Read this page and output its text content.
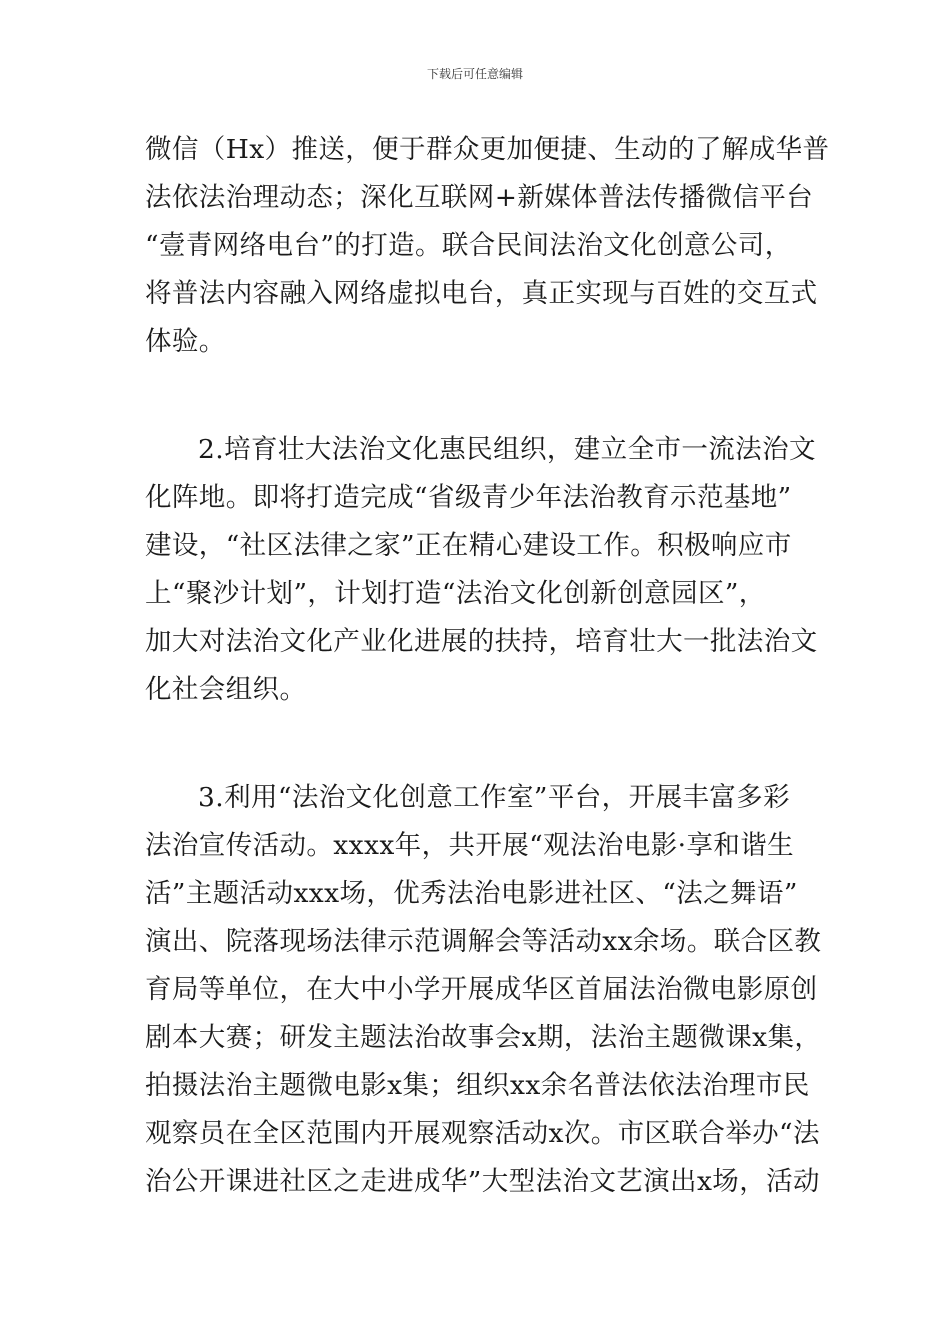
下载后可任意编辑
微信（Hx）推送，便于群众更加便捷、生动的了解成华普
法依法治理动态；深化互联网+新媒体普法传播微信平台
“壹青网络电台”的打造。联合民间法治文化创意公司，
将普法内容融入网络虚拟电台，真正实现与百姓的交互式
体验。
2.培育壮大法治文化惠民组织，建立全市一流法治文
化阵地。即将打造完成“省级青少年法治教育示范基地”
建设，“社区法律之家”正在精心建设工作。积极响应市
上“聚沙计划”，计划打造“法治文化创新创意园区”，
加大对法治文化产业化进展的扶持，培育壮大一批法治文
化社会组织。
3.利用“法治文化创意工作室”平台，开展丰富多彩
法治宣传活动。xxxx年，共开展“观法治电影·享和谐生
活”主题活动xxx场，优秀法治电影进社区、“法之舞语”
演出、院落现场法律示范调解会等活动xx余场。联合区教
育局等单位，在大中小学开展成华区首届法治微电影原创
剧本大赛；研发主题法治故事会x期，法治主题微课x集，
拍摄法治主题微电影x集；组织xx余名普法依法治理市民
观察员在全区范围内开展观察活动x次。市区联合举办“法
治公开课进社区之走进成华”大型法治文艺演出x场，活动
